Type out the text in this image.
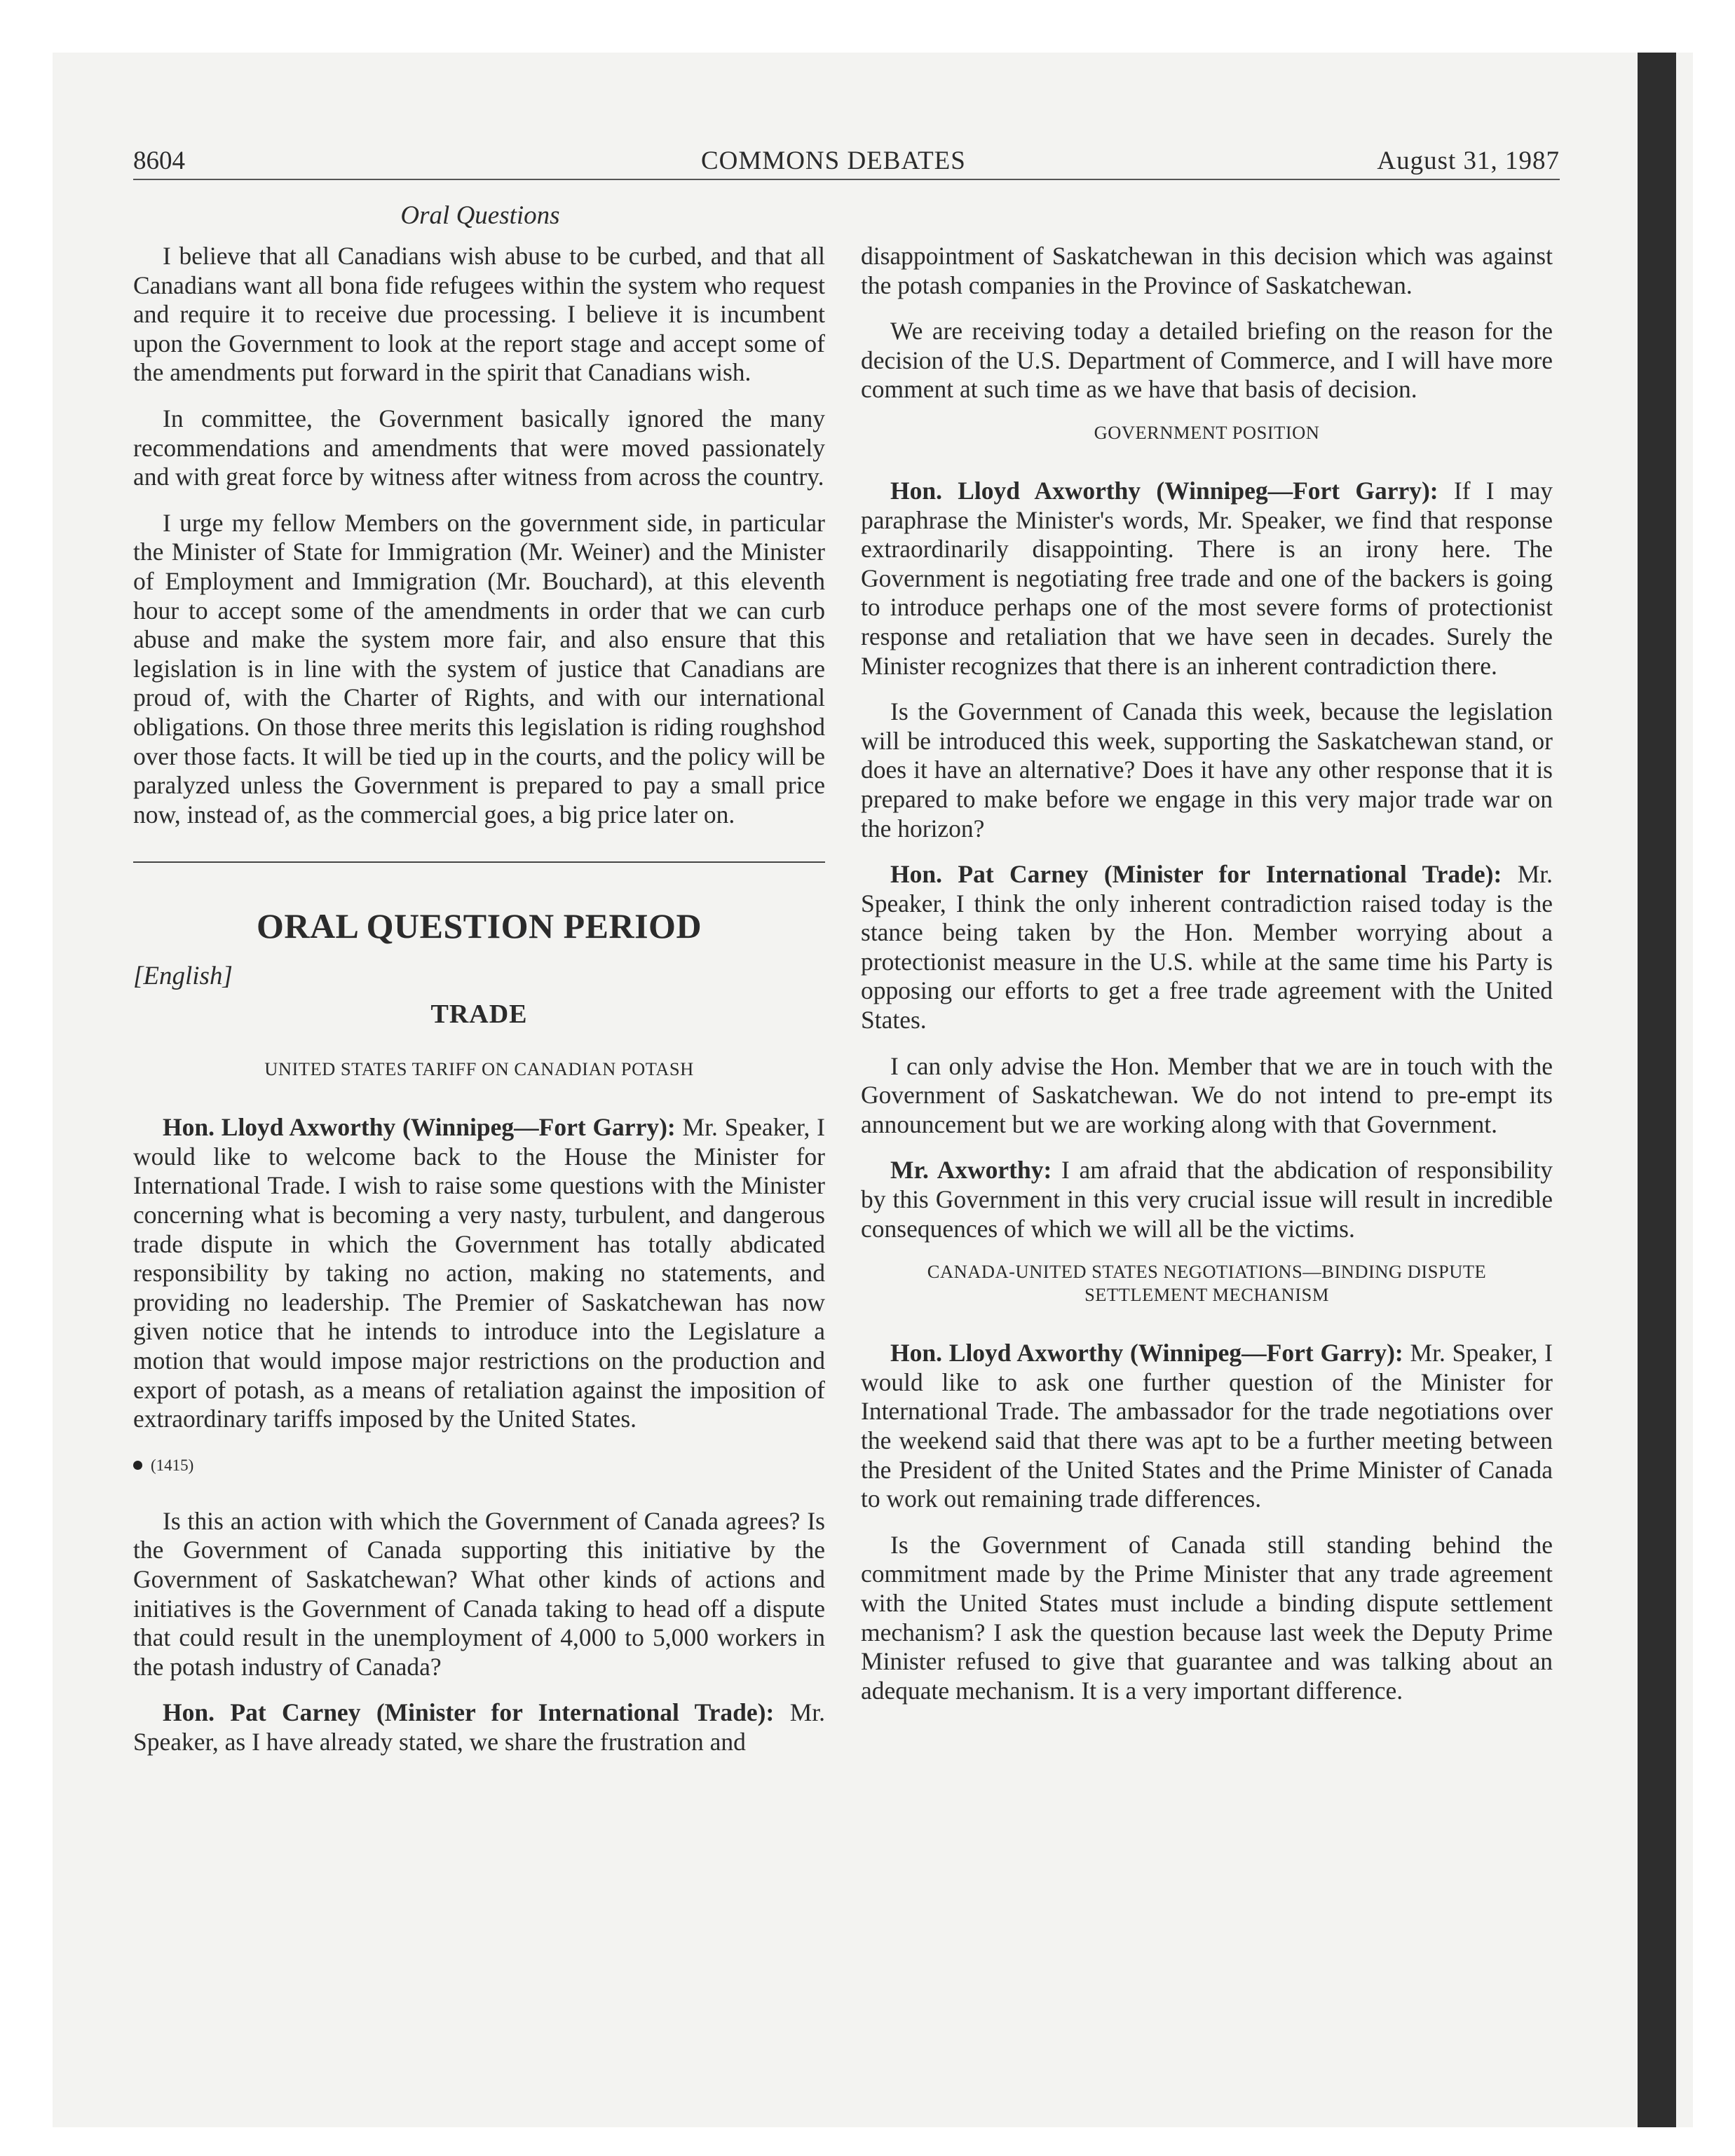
8604	COMMONS DEBATES	August 31, 1987
Oral Questions

I believe that all Canadians wish abuse to be curbed, and that all Canadians want all bona fide refugees within the system who request and require it to receive due processing. I believe it is incumbent upon the Government to look at the report stage and accept some of the amendments put forward in the spirit that Canadians wish.

In committee, the Government basically ignored the many recommendations and amendments that were moved passionately and with great force by witness after witness from across the country.

I urge my fellow Members on the government side, in particular the Minister of State for Immigration (Mr. Weiner) and the Minister of Employment and Immigration (Mr. Bouchard), at this eleventh hour to accept some of the amendments in order that we can curb abuse and make the system more fair, and also ensure that this legislation is in line with the system of justice that Canadians are proud of, with the Charter of Rights, and with our international obligations. On those three merits this legislation is riding roughshod over those facts. It will be tied up in the courts, and the policy will be paralyzed unless the Government is prepared to pay a small price now, instead of, as the commercial goes, a big price later on.

ORAL QUESTION PERIOD

[English]

TRADE
UNITED STATES TARIFF ON CANADIAN POTASH

Hon. Lloyd Axworthy (Winnipeg—Fort Garry): Mr. Speaker, I would like to welcome back to the House the Minister for International Trade. I wish to raise some questions with the Minister concerning what is becoming a very nasty, turbulent, and dangerous trade dispute in which the Government has totally abdicated responsibility by taking no action, making no statements, and providing no leadership. The Premier of Saskatchewan has now given notice that he intends to introduce into the Legislature a motion that would impose major restrictions on the production and export of potash, as a means of retaliation against the imposition of extraordinary tariffs imposed by the United States.

(1415)

Is this an action with which the Government of Canada agrees? Is the Government of Canada supporting this initiative by the Government of Saskatchewan? What other kinds of actions and initiatives is the Government of Canada taking to head off a dispute that could result in the unemployment of 4,000 to 5,000 workers in the potash industry of Canada?

Hon. Pat Carney (Minister for International Trade): Mr. Speaker, as I have already stated, we share the frustration and

disappointment of Saskatchewan in this decision which was against the potash companies in the Province of Saskatchewan.

We are receiving today a detailed briefing on the reason for the decision of the U.S. Department of Commerce, and I will have more comment at such time as we have that basis of decision.

GOVERNMENT POSITION

Hon. Lloyd Axworthy (Winnipeg—Fort Garry): If I may paraphrase the Minister's words, Mr. Speaker, we find that response extraordinarily disappointing. There is an irony here. The Government is negotiating free trade and one of the backers is going to introduce perhaps one of the most severe forms of protectionist response and retaliation that we have seen in decades. Surely the Minister recognizes that there is an inherent contradiction there.

Is the Government of Canada this week, because the legislation will be introduced this week, supporting the Saskatchewan stand, or does it have an alternative? Does it have any other response that it is prepared to make before we engage in this very major trade war on the horizon?

Hon. Pat Carney (Minister for International Trade): Mr. Speaker, I think the only inherent contradiction raised today is the stance being taken by the Hon. Member worrying about a protectionist measure in the U.S. while at the same time his Party is opposing our efforts to get a free trade agreement with the United States.

I can only advise the Hon. Member that we are in touch with the Government of Saskatchewan. We do not intend to pre-empt its announcement but we are working along with that Government.

Mr. Axworthy: I am afraid that the abdication of responsibility by this Government in this very crucial issue will result in incredible consequences of which we will all be the victims.

CANADA-UNITED STATES NEGOTIATIONS—BINDING DISPUTE
SETTLEMENT MECHANISM

Hon. Lloyd Axworthy (Winnipeg—Fort Garry): Mr. Speaker, I would like to ask one further question of the Minister for International Trade. The ambassador for the trade negotiations over the weekend said that there was apt to be a further meeting between the President of the United States and the Prime Minister of Canada to work out remaining trade differences.

Is the Government of Canada still standing behind the commitment made by the Prime Minister that any trade agreement with the United States must include a binding dispute settlement mechanism? I ask the question because last week the Deputy Prime Minister refused to give that guarantee and was talking about an adequate mechanism. It is a very important difference.
